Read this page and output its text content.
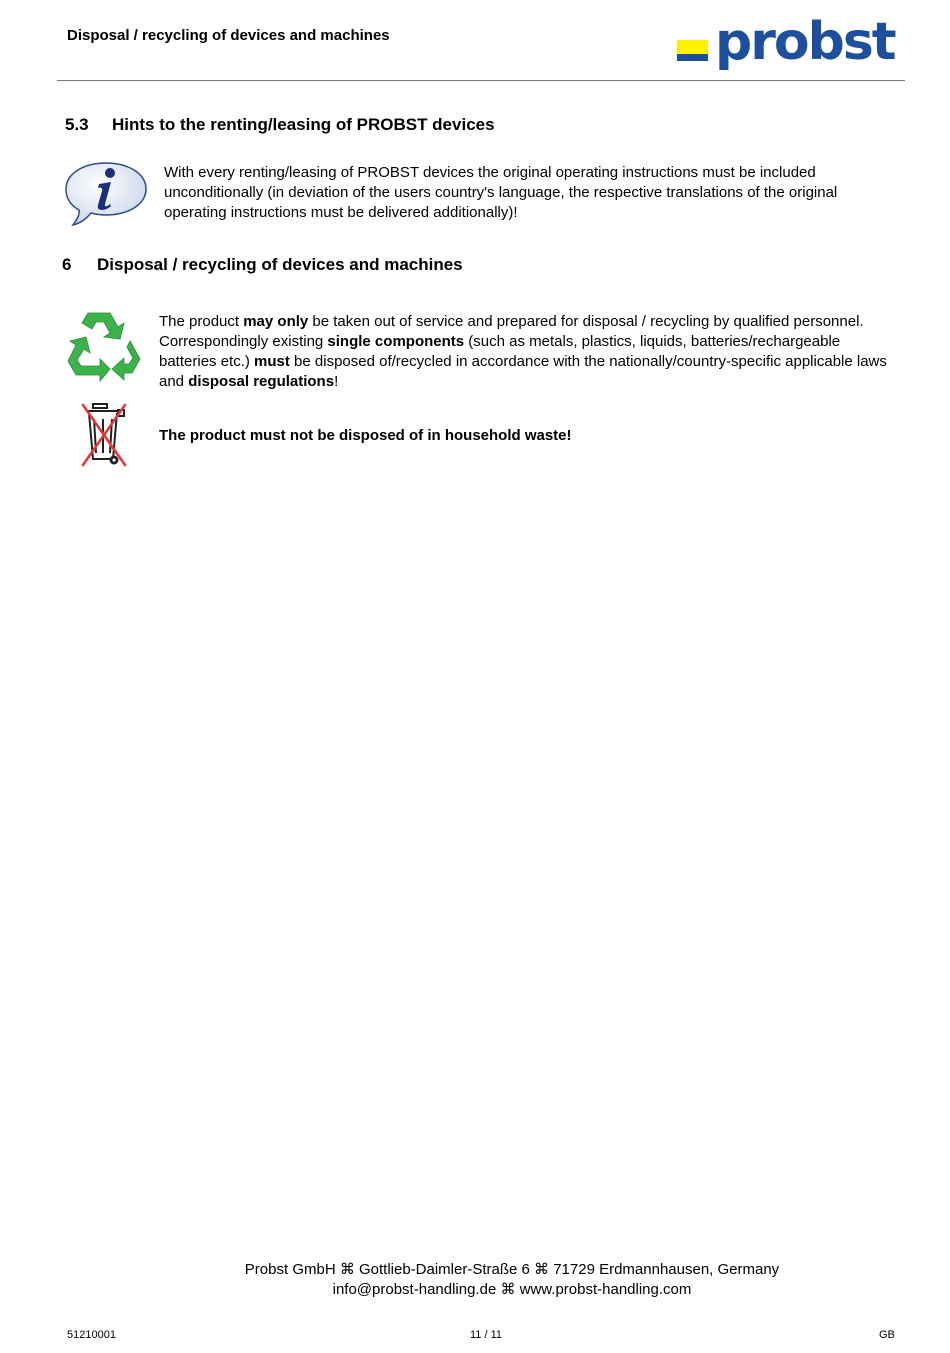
Disposal / recycling of devices and machines	probst
5.3 Hints to the renting/leasing of PROBST devices
With every renting/leasing of PROBST devices the original operating instructions must be included unconditionally (in deviation of the users country's language, the respective translations of the original operating instructions must be delivered additionally)!
6 Disposal / recycling of devices and machines
The product may only be taken out of service and prepared for disposal / recycling by qualified personnel. Correspondingly existing single components (such as metals, plastics, liquids, batteries/rechargeable batteries etc.) must be disposed of/recycled in accordance with the nationally/country-specific applicable laws and disposal regulations!
The product must not be disposed of in household waste!
Probst GmbH ⌘ Gottlieb-Daimler-Straße 6 ⌘ 71729 Erdmannhausen, Germany
info@probst-handling.de ⌘ www.probst-handling.com
51210001	11 / 11	GB
